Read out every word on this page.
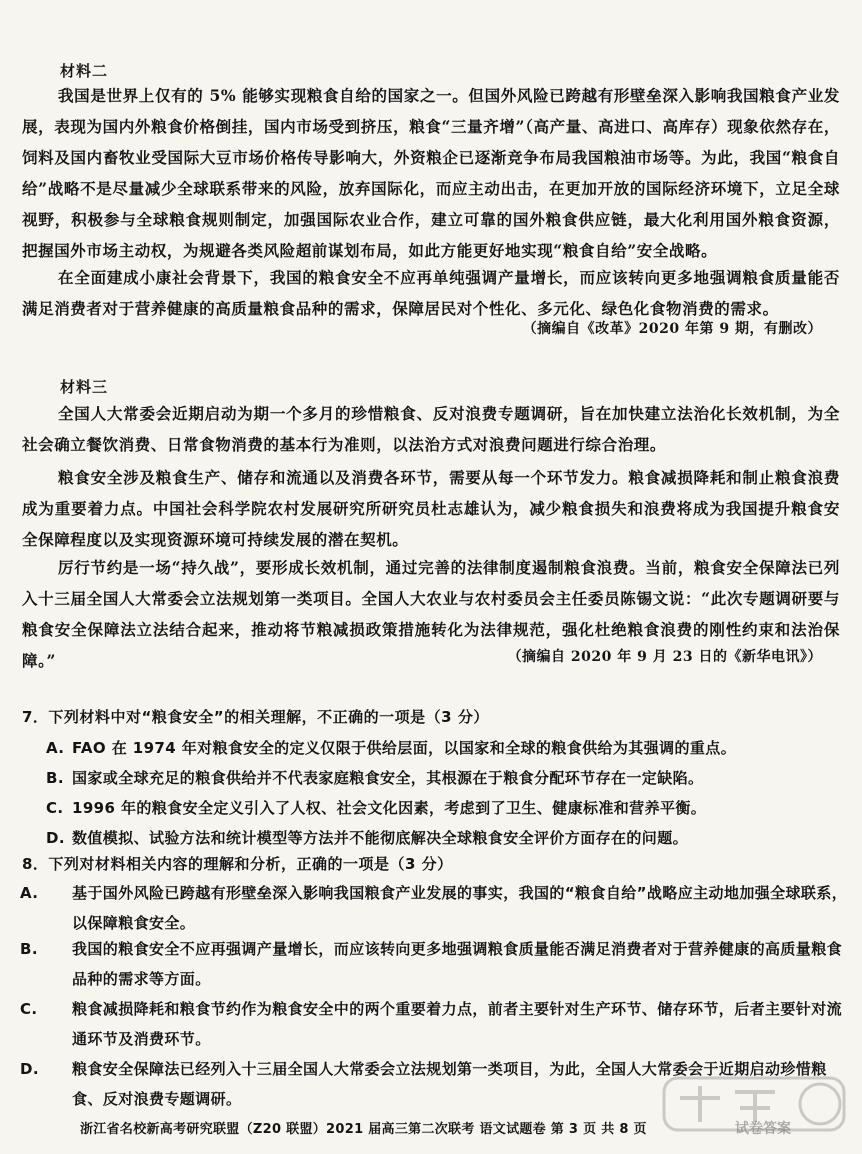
材料二

我国是世界上仅有的 5% 能够实现粮食自给的国家之一。但国外风险已跨越有形壁垒深入影响我国粮食产业发展，表现为国内外粮食价格倒挂，国内市场受到挤压，粮食“三量齐增”（高产量、高进口、高库存）现象依然存在，饲料及国内畜牧业受国际大豆市场价格传导影响大，外资粮企已逐渐竞争布局我国粮油市场等。为此，我国“粮食自给”战略不是尽量减少全球联系带来的风险，放弃国际化，而应主动出击，在更加开放的国际经济环境下，立足全球视野，积极参与全球粮食规则制定，加强国际农业合作，建立可靠的国外粮食供应链，最大化利用国外粮食资源，把握国外市场主动权，为规避各类风险超前谋划布局，如此方能更好地实现“粮食自给”安全战略。

在全面建成小康社会背景下，我国的粮食安全不应再单纯强调产量增长，而应该转向更多地强调粮食质量能否满足消费者对于营养健康的高质量粮食品种的需求，保障居民对个性化、多元化、绿色化食物消费的需求。

（摘编自《改革》2020 年第 9 期，有删改）

材料三

全国人大常委会近期启动为期一个多月的珍惜粮食、反对浪费专题调研，旨在加快建立法治化长效机制，为全社会确立餐饮消费、日常食物消费的基本行为准则，以法治方式对浪费问题进行综合治理。

粮食安全涉及粮食生产、储存和流通以及消费各环节，需要从每一个环节发力。粮食减损降耗和制止粮食浪费成为重要着力点。中国社会科学院农村发展研究所研究员杜志雄认为，减少粮食损失和浪费将成为我国提升粮食安全保障程度以及实现资源环境可持续发展的潜在契机。

厉行节约是一场“持久战”，要形成长效机制，通过完善的法律制度遏制粮食浪费。当前，粮食安全保障法已列入十三届全国人大常委会立法规划第一类项目。全国人大农业与农村委员会主任委员陈锡文说：“此次专题调研要与粮食安全保障法立法结合起来，推动将节粮减损政策措施转化为法律规范，强化杜绝粮食浪费的刚性约束和法治保障。”	（摘编自 2020 年 9 月 23 日的《新华电讯》）

7．下列材料中对“粮食安全”的相关理解，不正确的一项是（3 分）

A. FAO 在 1974 年对粮食安全的定义仅限于供给层面，以国家和全球的粮食供给为其强调的重点。

B. 国家或全球充足的粮食供给并不代表家庭粮食安全，其根源在于粮食分配环节存在一定缺陷。

C. 1996 年的粮食安全定义引入了人权、社会文化因素，考虑到了卫生、健康标准和营养平衡。

D. 数值模拟、试验方法和统计模型等方法并不能彻底解决全球粮食安全评价方面存在的问题。

8．下列对材料相关内容的理解和分析，正确的一项是（3 分）

A. 基于国外风险已跨越有形壁垒深入影响我国粮食产业发展的事实，我国的“粮食自给”战略应主动地加强全球联系，以保障粮食安全。

B. 我国的粮食安全不应再强调产量增长，而应该转向更多地强调粮食质量能否满足消费者对于营养健康的高质量粮食品种的需求等方面。

C. 粮食减损降耗和粮食节约作为粮食安全中的两个重要着力点，前者主要针对生产环节、储存环节，后者主要针对流通环节及消费环节。

D. 粮食安全保障法已经列入十三届全国人大常委会立法规划第一类项目，为此，全国人大常委会于近期启动珍惜粮食、反对浪费专题调研。

浙江省名校新高考研究联盟（Z20 联盟）2021 届高三第二次联考 语文试题卷 第 3 页 共 8 页	试卷答案
